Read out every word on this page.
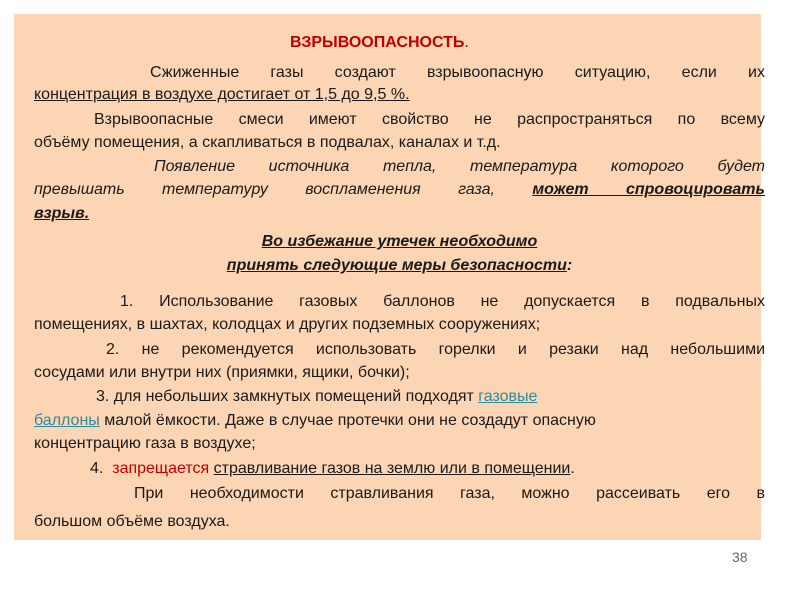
ВЗРЫВООПАСНОСТЬ.
Сжиженные газы создают взрывоопасную ситуацию, если их
концентрация в воздухе достигает от 1,5 до 9,5 %.
Взрывоопасные смеси имеют свойство не распространяться по всему
объёму помещения, а скапливаться в подвалах, каналах и т.д.
Появление источника тепла, температура которого будет
превышать температуру воспламенения газа, может спровоцировать
взрыв.
Во избежание утечек необходимо
принять следующие меры безопасности:
1. Использование газовых баллонов не допускается в подвальных
помещениях, в шахтах, колодцах и других подземных сооружениях;
2. не рекомендуется использовать горелки и резаки над небольшими
сосудами или внутри них (приямки, ящики, бочки);
3. для небольших замкнутых помещений подходят газовые
баллоны малой ёмкости. Даже в случае протечки они не создадут опасную
концентрацию газа в воздухе;
4. запрещается стравливание газов на землю или в помещении.
При необходимости стравливания газа, можно рассеивать его в
большом объёме воздуха.
38
